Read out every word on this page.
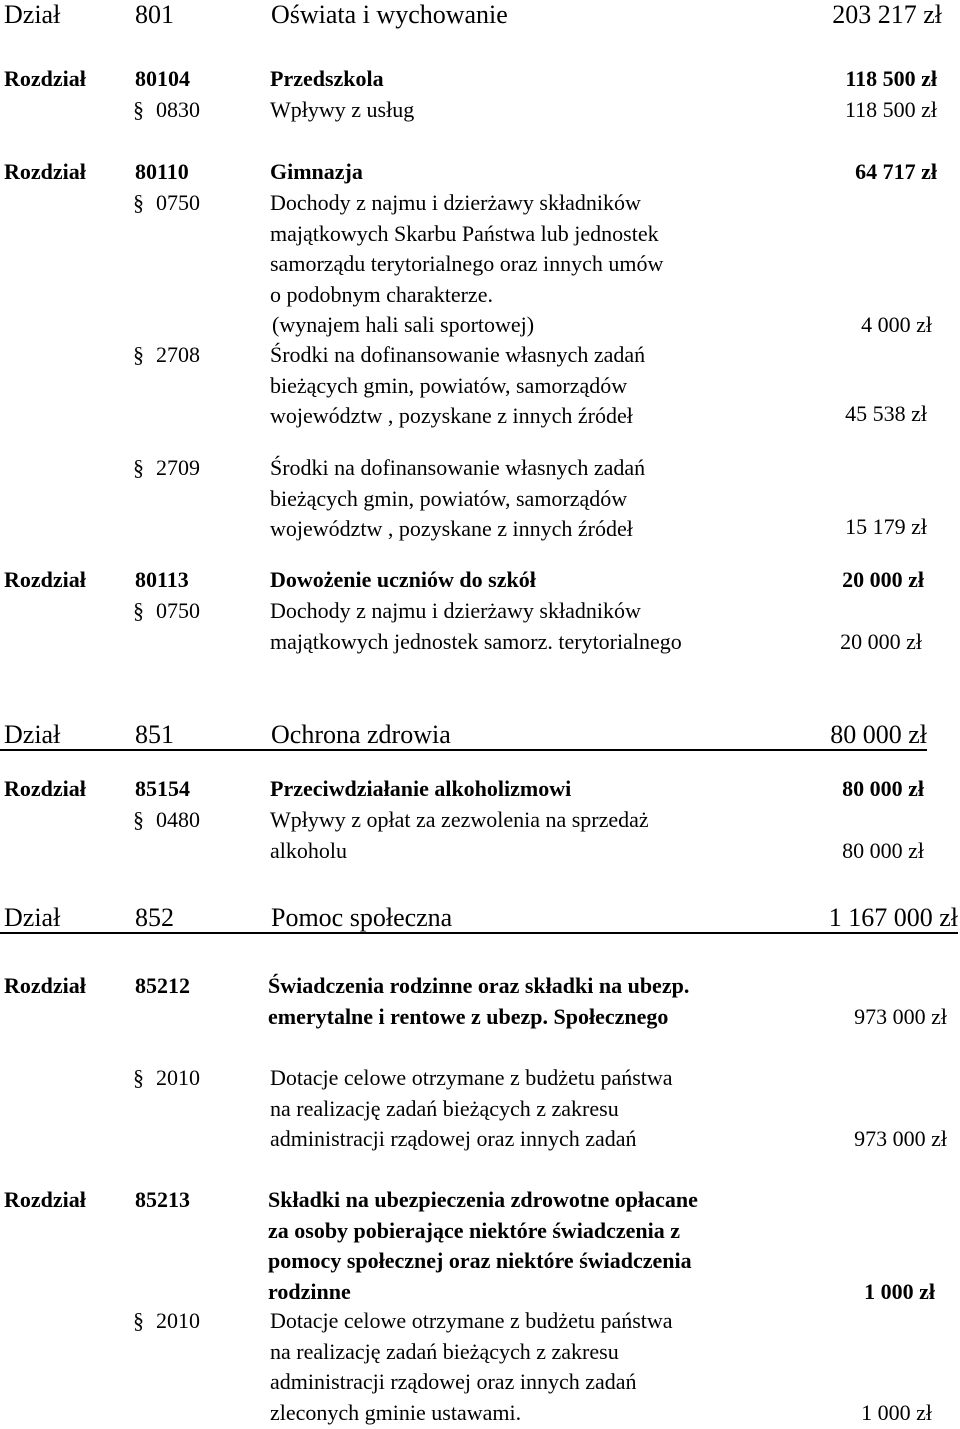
Dział	801	Oświata i wychowanie	203 217 zł
Rozdział 80104	Przedszkola	118 500 zł
§ 0830	Wpływy z usług	118 500 zł
Rozdział 80110	Gimnazja	64 717 zł
§ 0750	Dochody z najmu i dzierżawy składników
majątkowych Skarbu Państwa lub jednostek
samorządu terytorialnego oraz innych umów
o podobnym charakterze.
(wynajem hali sali sportowej)	4 000 zł
§ 2708	Środki na dofinansowanie własnych zadań
bieżących gmin, powiatów, samorządów
województw , pozyskane z innych źródeł	45 538 zł
§ 2709	Środki na dofinansowanie własnych zadań
bieżących gmin, powiatów, samorządów
województw , pozyskane z innych źródeł	15 179 zł
Rozdział 80113	Dowożenie uczniów do szkół	20 000 zł
§ 0750	Dochody z najmu i dzierżawy składników
majątkowych jednostek samorz. terytorialnego	20 000 zł
Dział	851	Ochrona zdrowia	80 000 zł
Rozdział 85154	Przeciwdziałanie alkoholizmowi	80 000 zł
§ 0480	Wpływy z opłat za zezwolenia na sprzedaż
alkoholu	80 000 zł
Dział	852	Pomoc społeczna	1 167 000 zł
Rozdział 85212	Świadczenia rodzinne oraz składki na ubezp.
emerytalne i rentowe z ubezp. Społecznego	973 000 zł
§ 2010	Dotacje celowe otrzymane z budżetu państwa
na realizację zadań bieżących z zakresu
administracji rządowej oraz innych zadań	973 000 zł
Rozdział 85213	Składki na ubezpieczenia zdrowotne opłacane
za osoby pobierające niektóre świadczenia z
pomocy społecznej oraz niektóre świadczenia
rodzinne	1 000 zł
§ 2010	Dotacje celowe otrzymane z budżetu państwa
na realizację zadań bieżących z zakresu
administracji rządowej oraz innych zadań
zleconych gminie ustawami.	1 000 zł
